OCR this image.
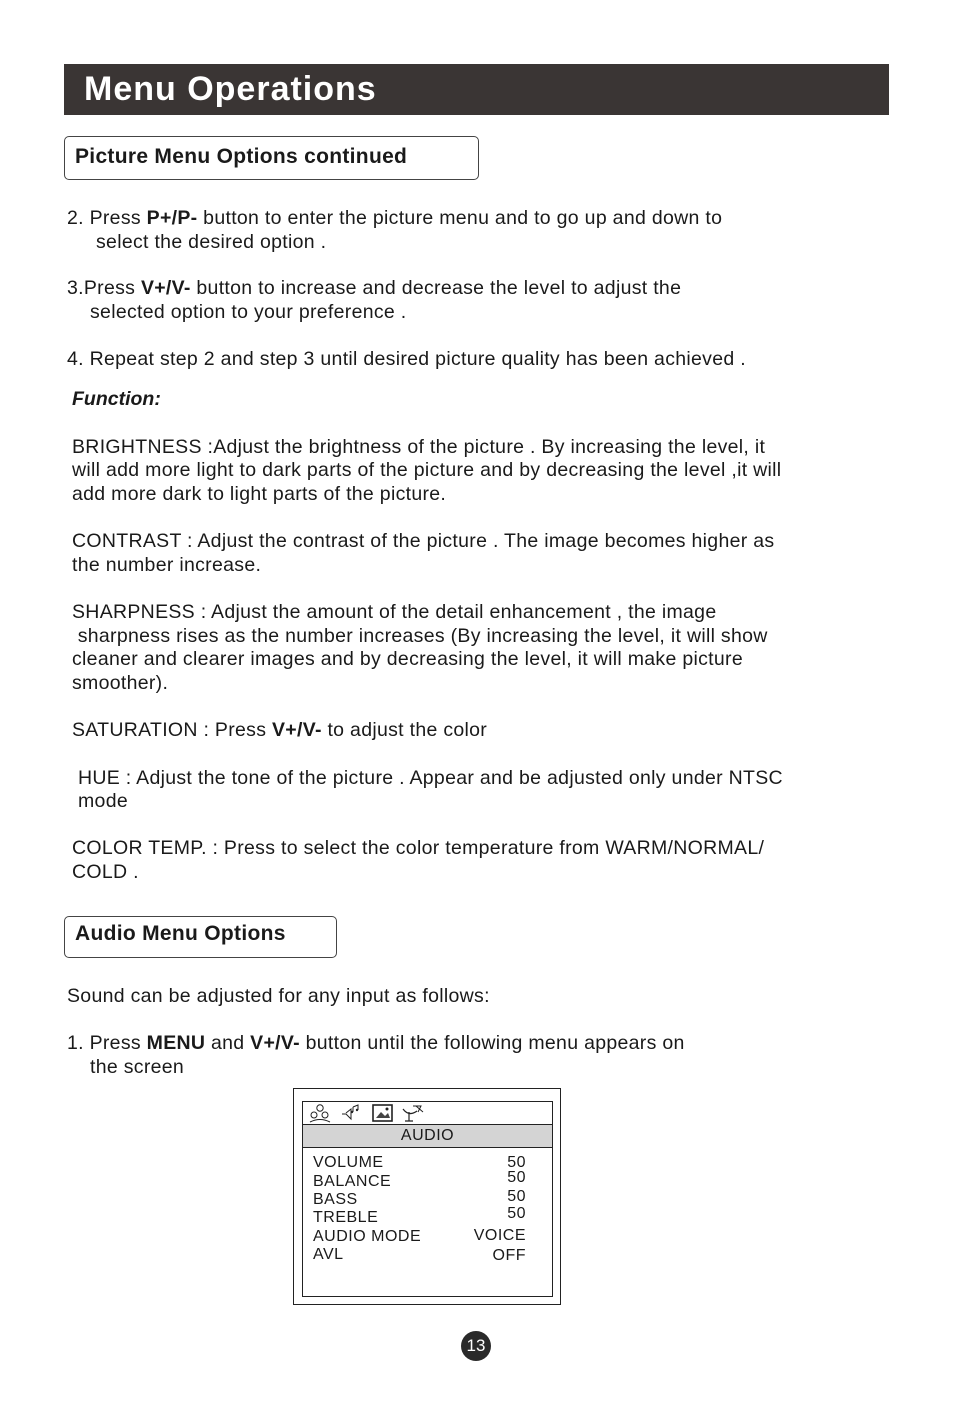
Menu Operations
Picture Menu Options continued
2. Press P+/P- button to enter the picture menu and to go up and down to
select the desired option .
3.Press V+/V- button to increase and decrease the level to adjust the
selected option to your preference .
4. Repeat step 2 and step 3 until desired picture quality has been achieved .
Function:
BRIGHTNESS :Adjust the brightness of the picture . By increasing the level, it
will add more light to dark parts of the picture and by decreasing the level ,it will
add more dark to light parts of the picture.
CONTRAST : Adjust the contrast of the picture . The image becomes higher as
the number increase.
SHARPNESS : Adjust the amount of the detail enhancement , the image
sharpness rises as the number increases (By increasing the level, it will show
cleaner and clearer images and by decreasing the level, it will make picture
smoother).
SATURATION : Press V+/V- to adjust the color
HUE : Adjust the tone of the picture . Appear and be adjusted only under NTSC
mode
COLOR TEMP. : Press to select the color temperature from WARM/NORMAL/
COLD .
Audio Menu Options
Sound can be adjusted for any input as follows:
1. Press MENU and V+/V- button until the following menu appears on
the screen
AUDIO
VOLUME	50
BALANCE	50
BASS	50
TREBLE	50
AUDIO MODE	VOICE
AVL	OFF
13
